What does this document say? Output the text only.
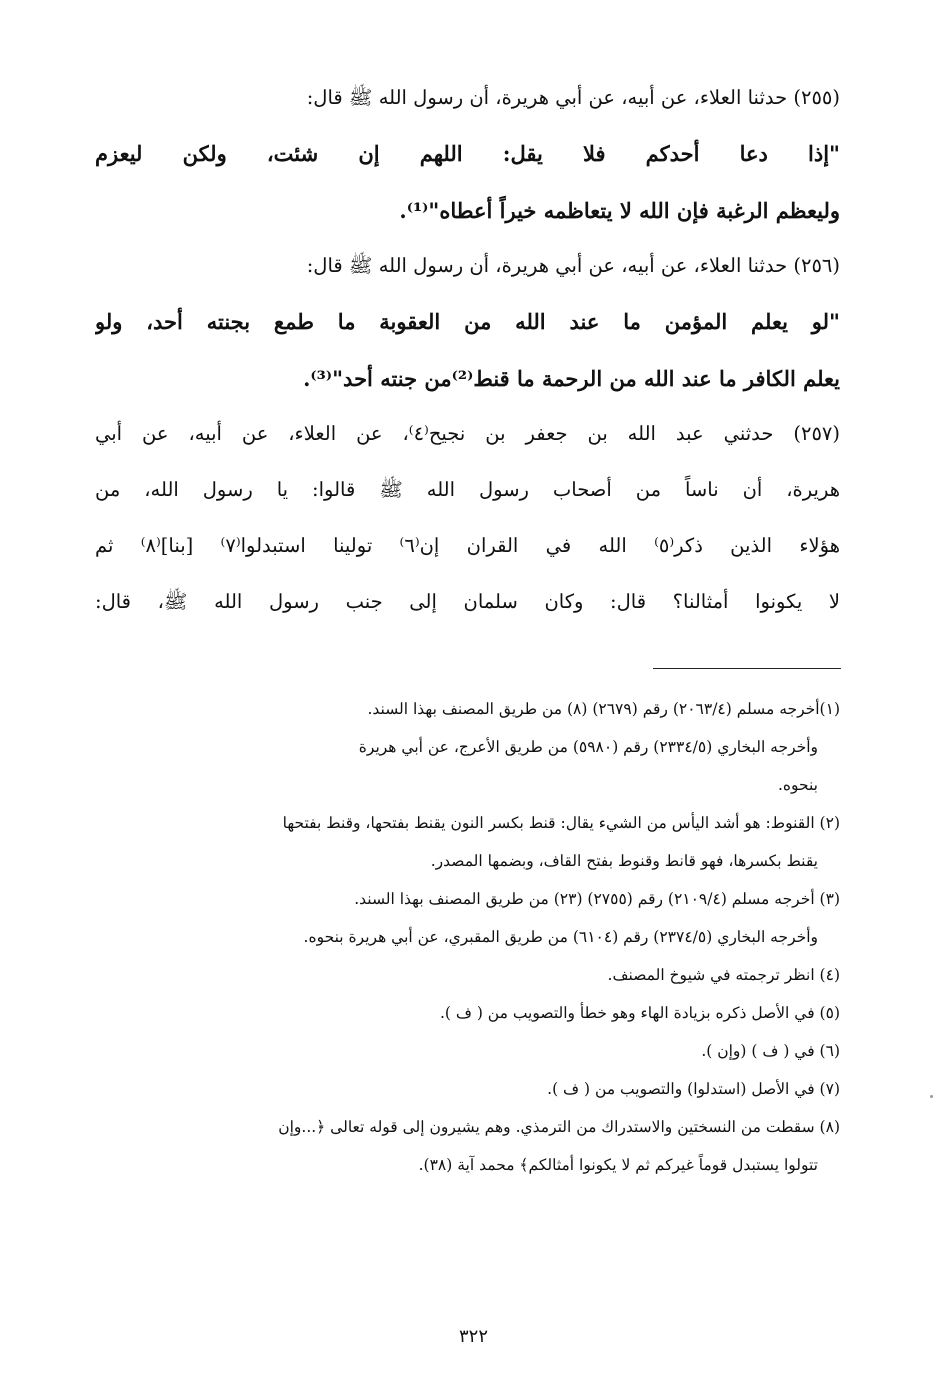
(٢٥٥) حدثنا العلاء، عن أبيه، عن أبي هريرة، أن رسول الله ﷺ قال:
"إذا دعا أحدكم فلا يقل: اللهم إن شئت، ولكن ليعزم
وليعظم الرغبة فإن الله لا يتعاظمه خيراً أعطاه"⁽¹⁾.
(٢٥٦) حدثنا العلاء، عن أبيه، عن أبي هريرة، أن رسول الله ﷺ قال:
"لو يعلم المؤمن ما عند الله من العقوبة ما طمع بجنته أحد، ولو
يعلم الكافر ما عند الله من الرحمة ما قنط⁽²⁾من جنته أحد"⁽³⁾.
(٢٥٧) حدثني عبد الله بن جعفر بن نجيح⁽٤⁾، عن العلاء، عن أبيه، عن أبي
هريرة، أن ناساً من أصحاب رسول الله ﷺ قالوا: يا رسول الله، من
هؤلاء الذين ذكر⁽٥⁾ الله في القران إن⁽٦⁾ تولينا استبدلوا⁽٧⁾ [بنا]⁽٨⁾ ثم
لا يكونوا أمثالنا؟ قال: وكان سلمان إلى جنب رسول الله ﷺ، قال:
(١)أخرجه مسلم (٢٠٦٣/٤) رقم (٢٦٧٩) (٨) من طريق المصنف بهذا السند.
وأخرجه البخاري (٢٣٣٤/٥) رقم (٥٩٨٠) من طريق الأعرج، عن أبي هريرة
بنحوه.
(٢) القنوط: هو أشد اليأس من الشيء يقال: قنط بكسر النون يقنط بفتحها، وقنط بفتحها
يقنط بكسرها، فهو قانط وقنوط بفتح القاف، وبضمها المصدر.
(٣) أخرجه مسلم (٢١٠٩/٤) رقم (٢٧٥٥) (٢٣) من طريق المصنف بهذا السند.
وأخرجه البخاري (٢٣٧٤/٥) رقم (٦١٠٤) من طريق المقبري، عن أبي هريرة بنحوه.
(٤) انظر ترجمته في شيوخ المصنف.
(٥) في الأصل ذكره بزيادة الهاء وهو خطأ والتصويب من ( ف ).
(٦) في ( ف ) (وإن ).
(٧) في الأصل (استدلوا) والتصويب من ( ف ).
(٨) سقطت من النسختين والاستدراك من الترمذي. وهم يشيرون إلى قوله تعالى ﴿...وإن
تتولوا يستبدل قوماً غيركم ثم لا يكونوا أمثالكم﴾ محمد آية (٣٨).
٣٢٢
